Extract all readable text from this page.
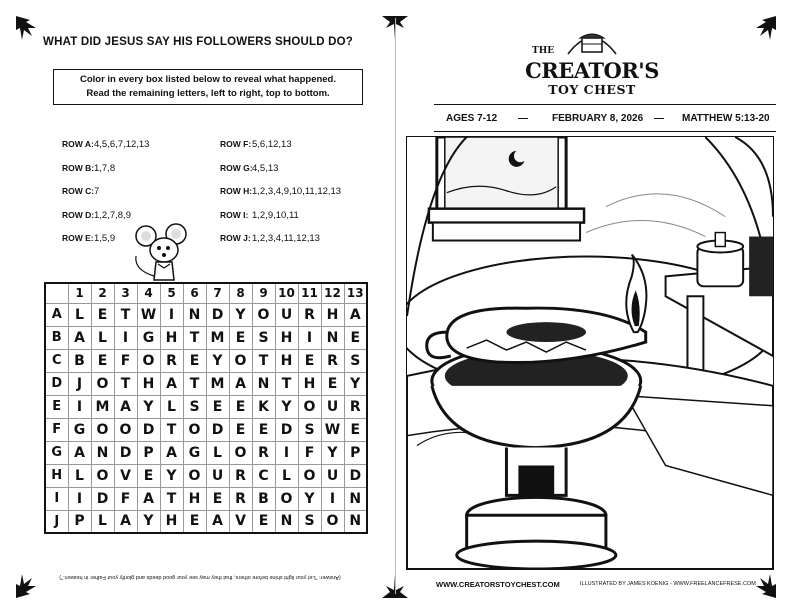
WHAT DID JESUS SAY HIS FOLLOWERS SHOULD DO?
Color in every box listed below to reveal what happened.
Read the remaining letters, left to right, top to bottom.
ROW A:4,5,6,7,12,13
ROW B:1,7,8
ROW C:7
ROW D:1,2,7,8,9
ROW E:1,5,9
ROW F:5,6,12,13
ROW G:4,5,13
ROW H:1,2,3,4,9,10,11,12,13
ROW I: 1,2,9,10,11
ROW J:1,2,3,4,11,12,13
	1	2	3	4	5	6	7	8	9	10	11	12	13
A	L	E	T	W	I	N	D	Y	O	U	R	H	A
B	A	L	I	G	H	T	M	E	S	H	I	N	E
C	B	E	F	O	R	E	Y	O	T	H	E	R	S
D	J	O	T	H	A	T	M	A	N	T	H	E	Y
E	I	M	A	Y	L	S	E	E	K	Y	O	U	R
F	G	O	O	D	T	O	D	E	E	D	S	W	E
G	A	N	D	P	A	G	L	O	R	I	F	Y	P
H	L	O	V	E	Y	O	U	R	C	L	O	U	D
I	I	D	F	A	T	H	E	R	B	O	Y	I	N
J	P	L	A	Y	H	E	A	V	E	N	S	O	N
(Answer: "Let your light shine before others, that they may see your good deeds and glorify your Father in heaven.")
THE
CREATOR'S
TOY CHEST
AGES 7-12 — FEBRUARY 8, 2026 — MATTHEW 5:13-20
WWW.CREATORSTOYCHEST.COM	ILLUSTRATED BY JAMES KOENIG - WWW.FREELANCEFRESE.COM
